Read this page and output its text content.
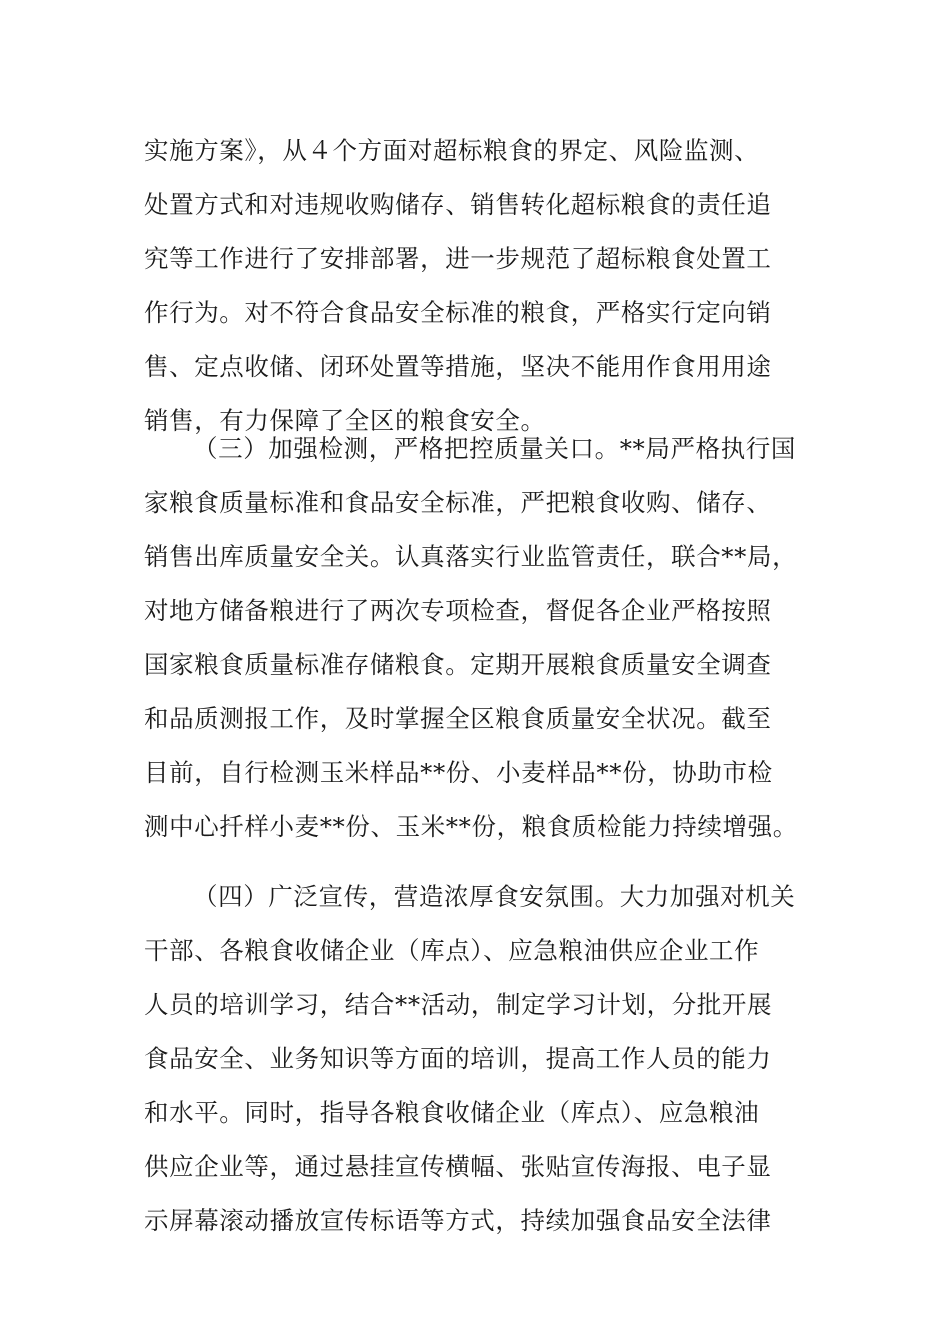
实施方案》，从４个方面对超标粮食的界定、风险监测、
处置方式和对违规收购储存、销售转化超标粮食的责任追
究等工作进行了安排部署，进一步规范了超标粮食处置工
作行为。对不符合食品安全标准的粮食，严格实行定向销
售、定点收储、闭环处置等措施，坚决不能用作食用用途
销售，有力保障了全区的粮食安全。
（三）加强检测，严格把控质量关口。**局严格执行国
家粮食质量标准和食品安全标准，严把粮食收购、储存、
销售出库质量安全关。认真落实行业监管责任，联合**局，
对地方储备粮进行了两次专项检查，督促各企业严格按照
国家粮食质量标准存储粮食。定期开展粮食质量安全调查
和品质测报工作，及时掌握全区粮食质量安全状况。截至
目前，自行检测玉米样品**份、小麦样品**份，协助市检
测中心扦样小麦**份、玉米**份，粮食质检能力持续增强。
（四）广泛宣传，营造浓厚食安氛围。大力加强对机关
干部、各粮食收储企业（库点）、应急粮油供应企业工作
人员的培训学习，结合**活动，制定学习计划，分批开展
食品安全、业务知识等方面的培训，提高工作人员的能力
和水平。同时，指导各粮食收储企业（库点）、应急粮油
供应企业等，通过悬挂宣传横幅、张贴宣传海报、电子显
示屏幕滚动播放宣传标语等方式，持续加强食品安全法律
